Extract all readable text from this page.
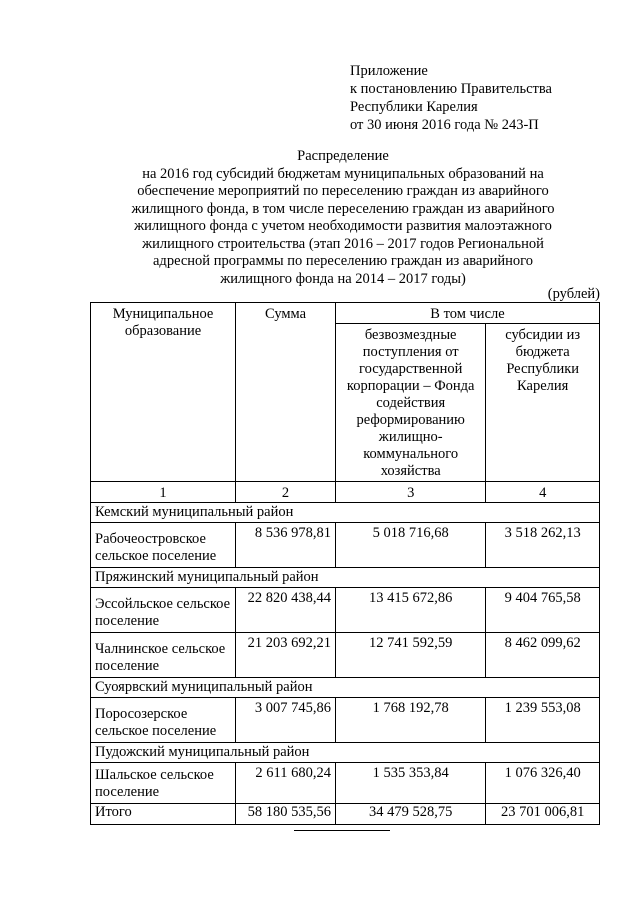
Приложение
к постановлению Правительства
Республики Карелия
от 30 июня 2016 года № 243-П
Распределение
на 2016 год субсидий бюджетам муниципальных образований на
обеспечение мероприятий по переселению граждан из аварийного
жилищного фонда, в том числе переселению граждан из аварийного
жилищного фонда с учетом необходимости развития малоэтажного
жилищного строительства (этап 2016 – 2017 годов Региональной
адресной программы по переселению граждан из аварийного
жилищного фонда на 2014 – 2017 годы)
(рублей)
Муниципальное образование	Сумма	В том числе	
		безвозмездные поступления от государственной корпорации – Фонда содействия реформированию жилищно-коммунального хозяйства	субсидии из бюджета Республики Карелия
1	2	3	4
Кемский муниципальный район			
Рабочеостровское сельское поселение	8 536 978,81	5 018 716,68	3 518 262,13
Пряжинский муниципальный район			
Эссойльское сельское поселение	22 820 438,44	13 415 672,86	9 404 765,58
Чалнинское сельское поселение	21 203 692,21	12 741 592,59	8 462 099,62
Суоярвский муниципальный район			
Поросозерское сельское поселение	3 007 745,86	1 768 192,78	1 239 553,08
Пудожский муниципальный район			
Шальское сельское поселение	2 611 680,24	1 535 353,84	1 076 326,40
Итого	58 180 535,56	34 479 528,75	23 701 006,81
